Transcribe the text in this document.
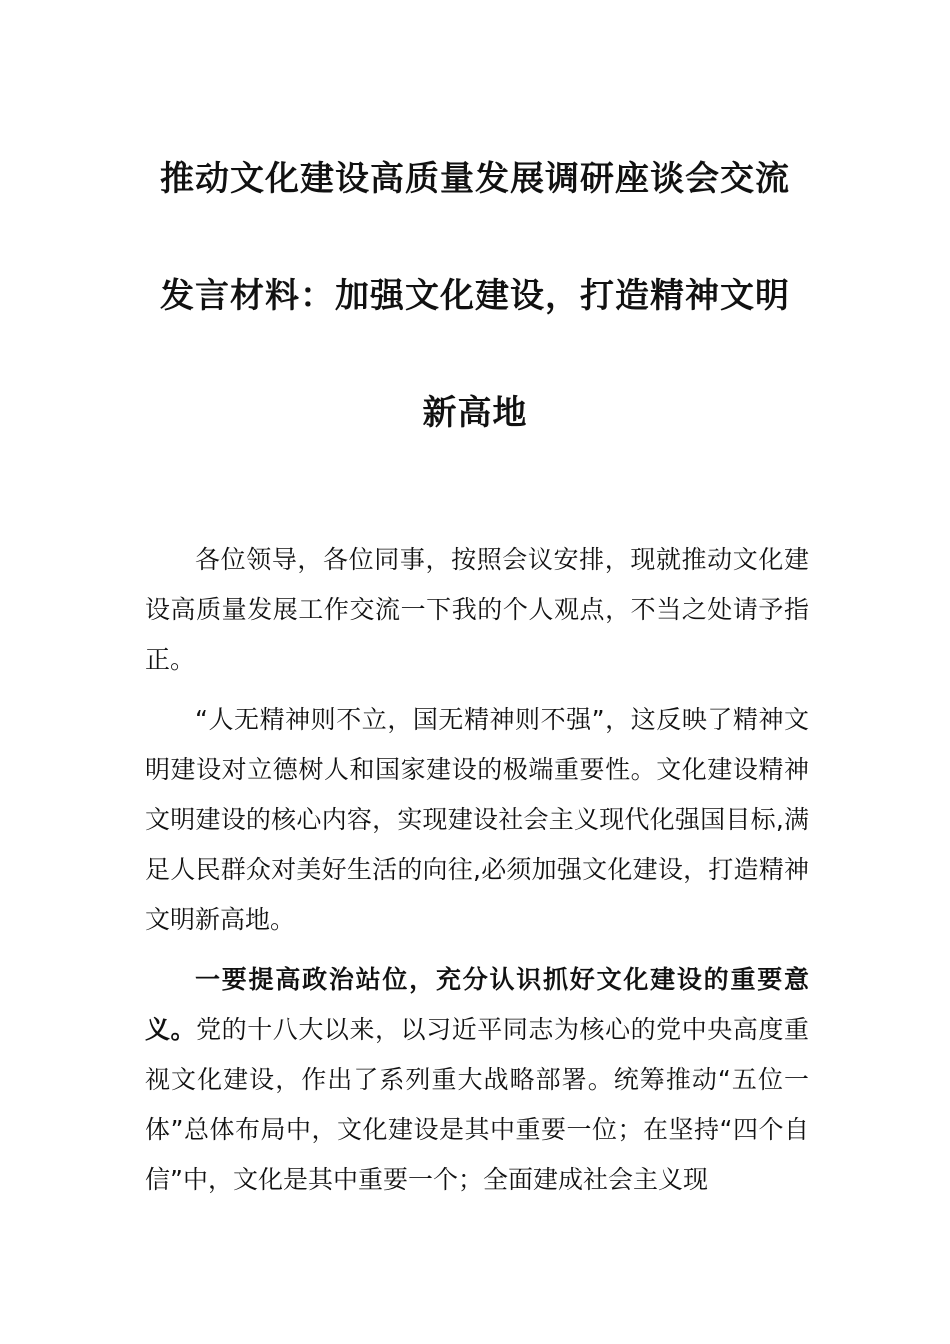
推动文化建设高质量发展调研座谈会交流
发言材料：加强文化建设，打造精神文明
新高地

各位领导，各位同事，按照会议安排，现就推动文化建设高质量发展工作交流一下我的个人观点，不当之处请予指正。

“人无精神则不立，国无精神则不强”，这反映了精神文明建设对立德树人和国家建设的极端重要性。文化建设精神文明建设的核心内容，实现建设社会主义现代化强国目标,满足人民群众对美好生活的向往,必须加强文化建设，打造精神文明新高地。

一要提高政治站位，充分认识抓好文化建设的重要意义。党的十八大以来，以习近平同志为核心的党中央高度重视文化建设，作出了系列重大战略部署。统筹推动“五位一体”总体布局中，文化建设是其中重要一位；在坚持“四个自信”中，文化是其中重要一个；全面建成社会主义现
